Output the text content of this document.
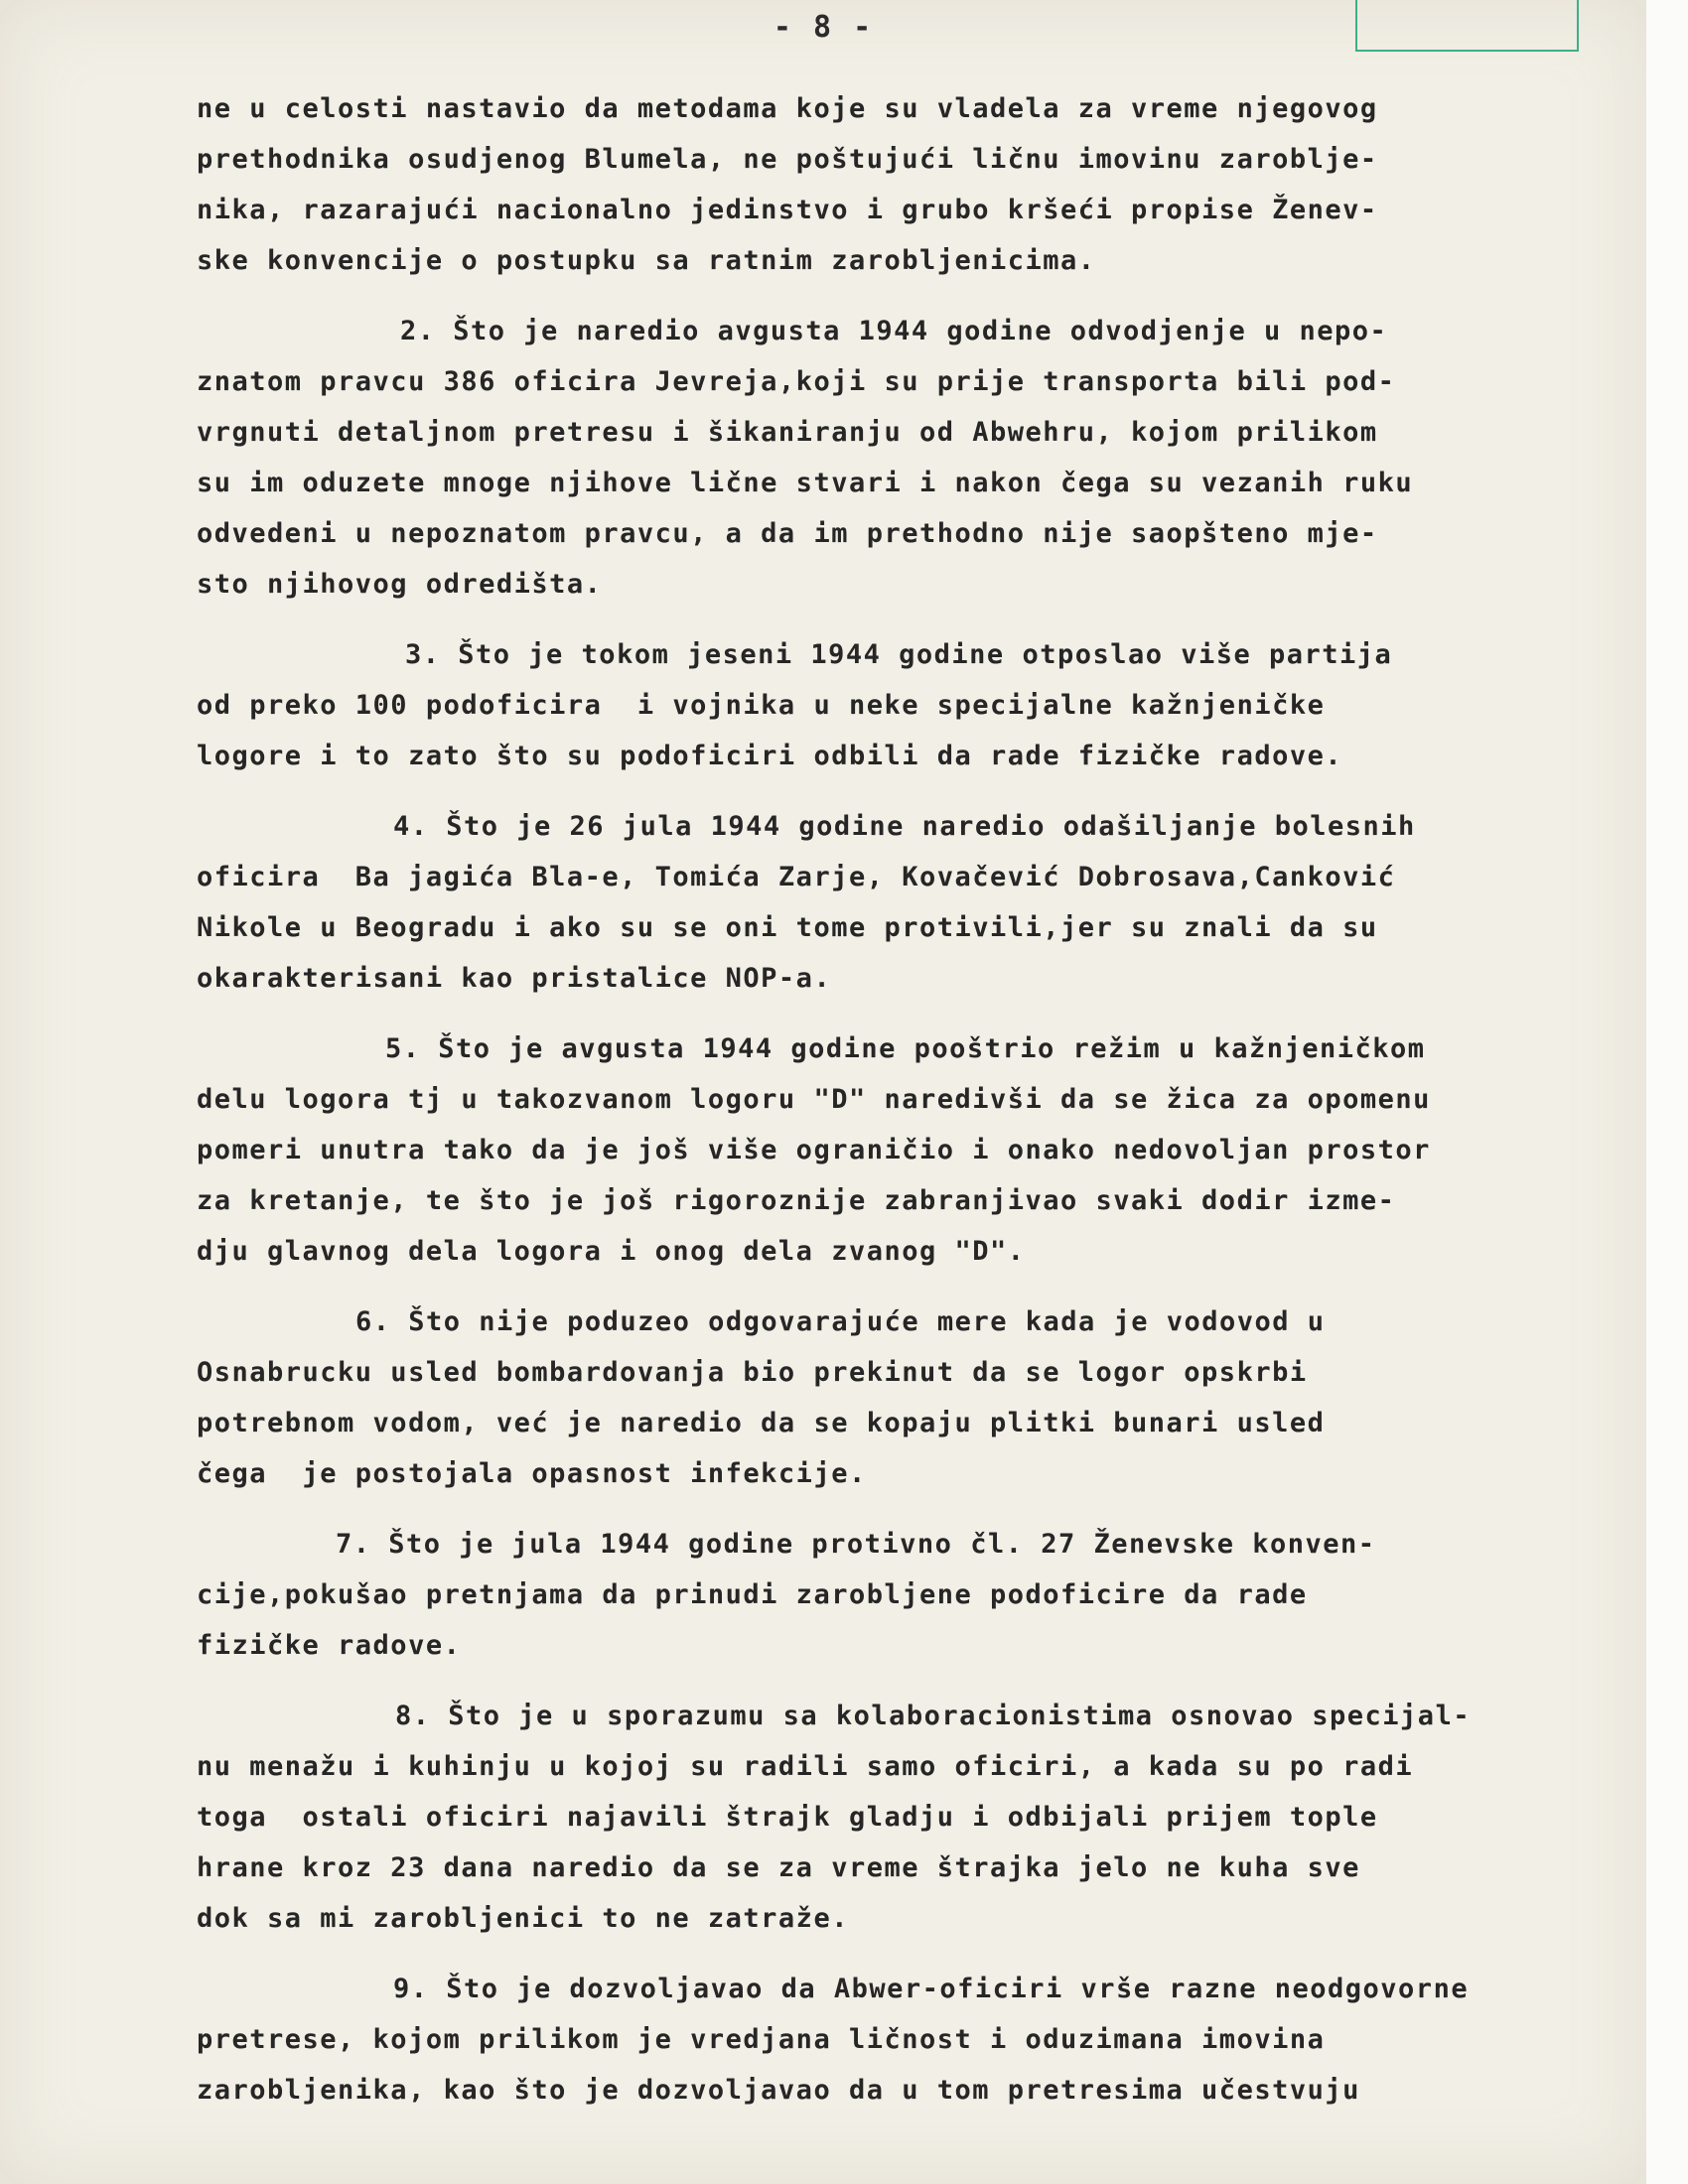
- 8 -
ne u celosti nastavio da metodama koje su vladela za vreme njegovog
prethodnika osudjenog Blumela, ne poštujući ličnu imovinu zarobljе-
nika, razarajući nacionalno jedinstvo i grubo kršeći propise Ženev-
ske konvencije o postupku sa ratnim zarobljenicima.
2. Što je naredio avgusta 1944 godine odvodjenje u nepo-
znatom pravcu 386 oficira Jevreja,koji su prije transporta bili pod-
vrgnuti detaljnom pretresu i šikaniranju od Abwehru, kojom prilikom
su im oduzete mnoge njihove lične stvari i nakon čega su vezanih ruku
odvedeni u nepoznatom pravcu, a da im prethodno nije saopšteno mje-
sto njihovog odredišta.
3. Što je tokom jeseni 1944 godine otposlao više partija
od preko 100 podoficira  i vojnika u neke specijalne kažnjeničke
logore i to zato što su podoficiri odbili da rade fizičke radove.
4. Što je 26 jula 1944 godine naredio odašiljanje bolesnih
oficira  Ba jagića Bla-e, Tomića Zarje, Kovačević Dobrosava,Canković
Nikole u Beogradu i ako su se oni tome protivili,jer su znali da su
okarakterisani kao pristalice NOP-a.
5. Što je avgusta 1944 godine pooštrio režim u kažnjeničkom
delu logora tj u takozvanom logoru "D" naredivši da se žica za opomenu
pomeri unutra tako da je još više ograničio i onako nedovoljan prostor
za kretanje, te što je još rigoroznije zabranjivao svaki dodir izme-
dju glavnog dela logora i onog dela zvanog "D".
6. Što nije poduzeo odgovarajuće mere kada je vodovod u
Osnabrucku usled bombardovanja bio prekinut da se logor opskrbi
potrebnom vodom, već je naredio da se kopaju plitki bunari usled
čega  je postojala opasnost infekcije.
7. Što je jula 1944 godine protivno čl. 27 Ženevske konven-
cije,pokušao pretnjama da prinudi zarobljene podoficire da rade
fizičke radove.
8. Što je u sporazumu sa kolaboracionistima osnovao specijal-
nu menažu i kuhinju u kojoj su radili samo oficiri, a kada su po radi
toga  ostali oficiri najavili štrajk gladju i odbijali prijem tople
hrane kroz 23 dana naredio da se za vreme štrajka jelo ne kuha sve
dok sa mi zarobljenici to ne zatraže.
9. Što je dozvoljavao da Abwer-oficiri vrše razne neodgovorne
pretrese, kojom prilikom je vredjana ličnost i oduzimana imovina
zarobljenika, kao što je dozvoljavao da u tom pretresima učestvuju
